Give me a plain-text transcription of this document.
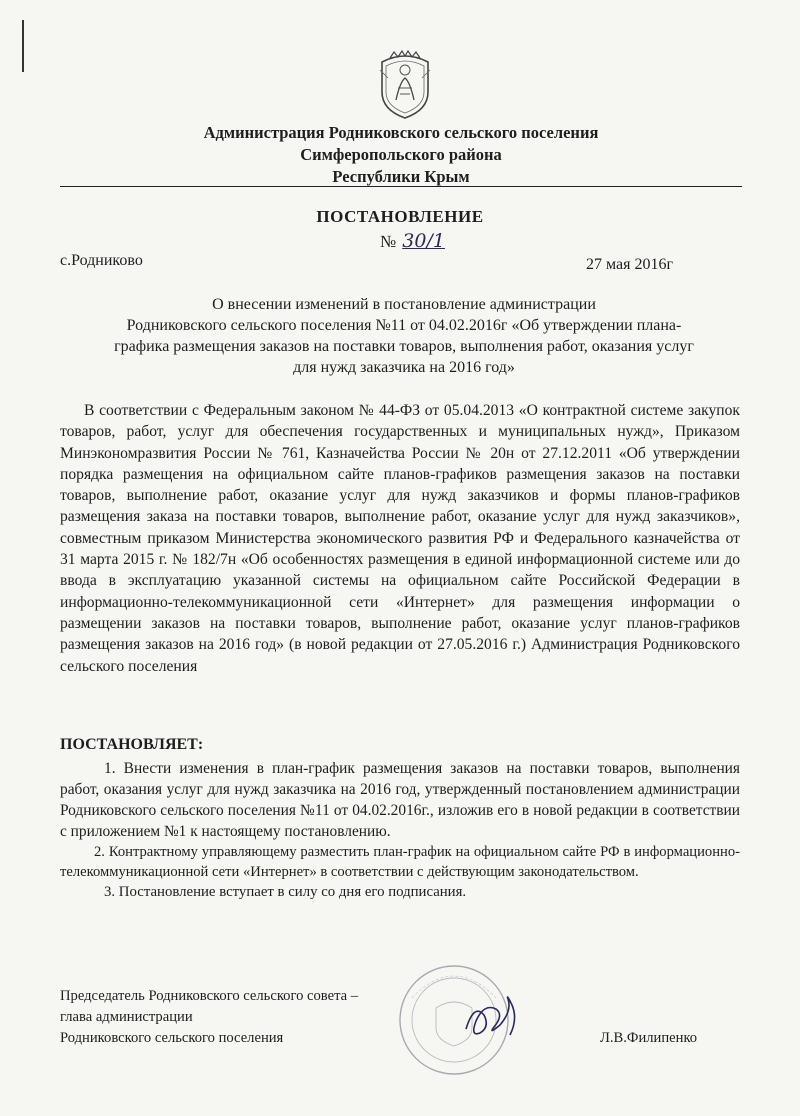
Администрация Родниковского сельского поселения
Симферопольского района
Республики Крым
ПОСТАНОВЛЕНИЕ
№ 30/1
с.Родниково	27 мая 2016г
О внесении изменений в постановление администрации
Родниковского сельского поселения №11 от 04.02.2016г «Об утверждении плана-
графика размещения заказов на поставки товаров, выполнения работ, оказания услуг
для нужд заказчика на 2016 год»

В соответствии с Федеральным законом № 44-ФЗ от 05.04.2013 «О контрактной системе закупок товаров, работ, услуг для обеспечения государственных и муниципальных нужд», Приказом Минэкономразвития России № 761, Казначейства России № 20н от 27.12.2011 «Об утверждении порядка размещения на официальном сайте планов-графиков размещения заказов на поставки товаров, выполнение работ, оказание услуг для нужд заказчиков и формы планов-графиков размещения заказа на поставки товаров, выполнение работ, оказание услуг для нужд заказчиков», совместным приказом Министерства экономического развития РФ и Федерального казначейства от 31 марта 2015 г. № 182/7н «Об особенностях размещения в единой информационной системе или до ввода в эксплуатацию указанной системы на официальном сайте Российской Федерации в информационно-телекоммуникационной сети «Интернет» для размещения информации о размещении заказов на поставки товаров, выполнение работ, оказание услуг планов-графиков размещения заказов на 2016 год» (в новой редакции от 27.05.2016 г.) Администрация Родниковского сельского поселения

ПОСТАНОВЛЯЕТ:

1. Внести изменения в план-график размещения заказов на поставки товаров, выполнения работ, оказания услуг для нужд заказчика на 2016 год, утвержденный постановлением администрации Родниковского сельского поселения №11 от 04.02.2016г., изложив его в новой редакции в соответствии с приложением №1 к настоящему постановлению.

2. Контрактному управляющему разместить план-график на официальном сайте РФ в информационно-телекоммуникационной сети «Интернет» в соответствии с действующим законодательством.

3. Постановление вступает в силу со дня его подписания.

Председатель Родниковского сельского совета –
глава администрации
Родниковского сельского поселения	Л.В.Филипенко
